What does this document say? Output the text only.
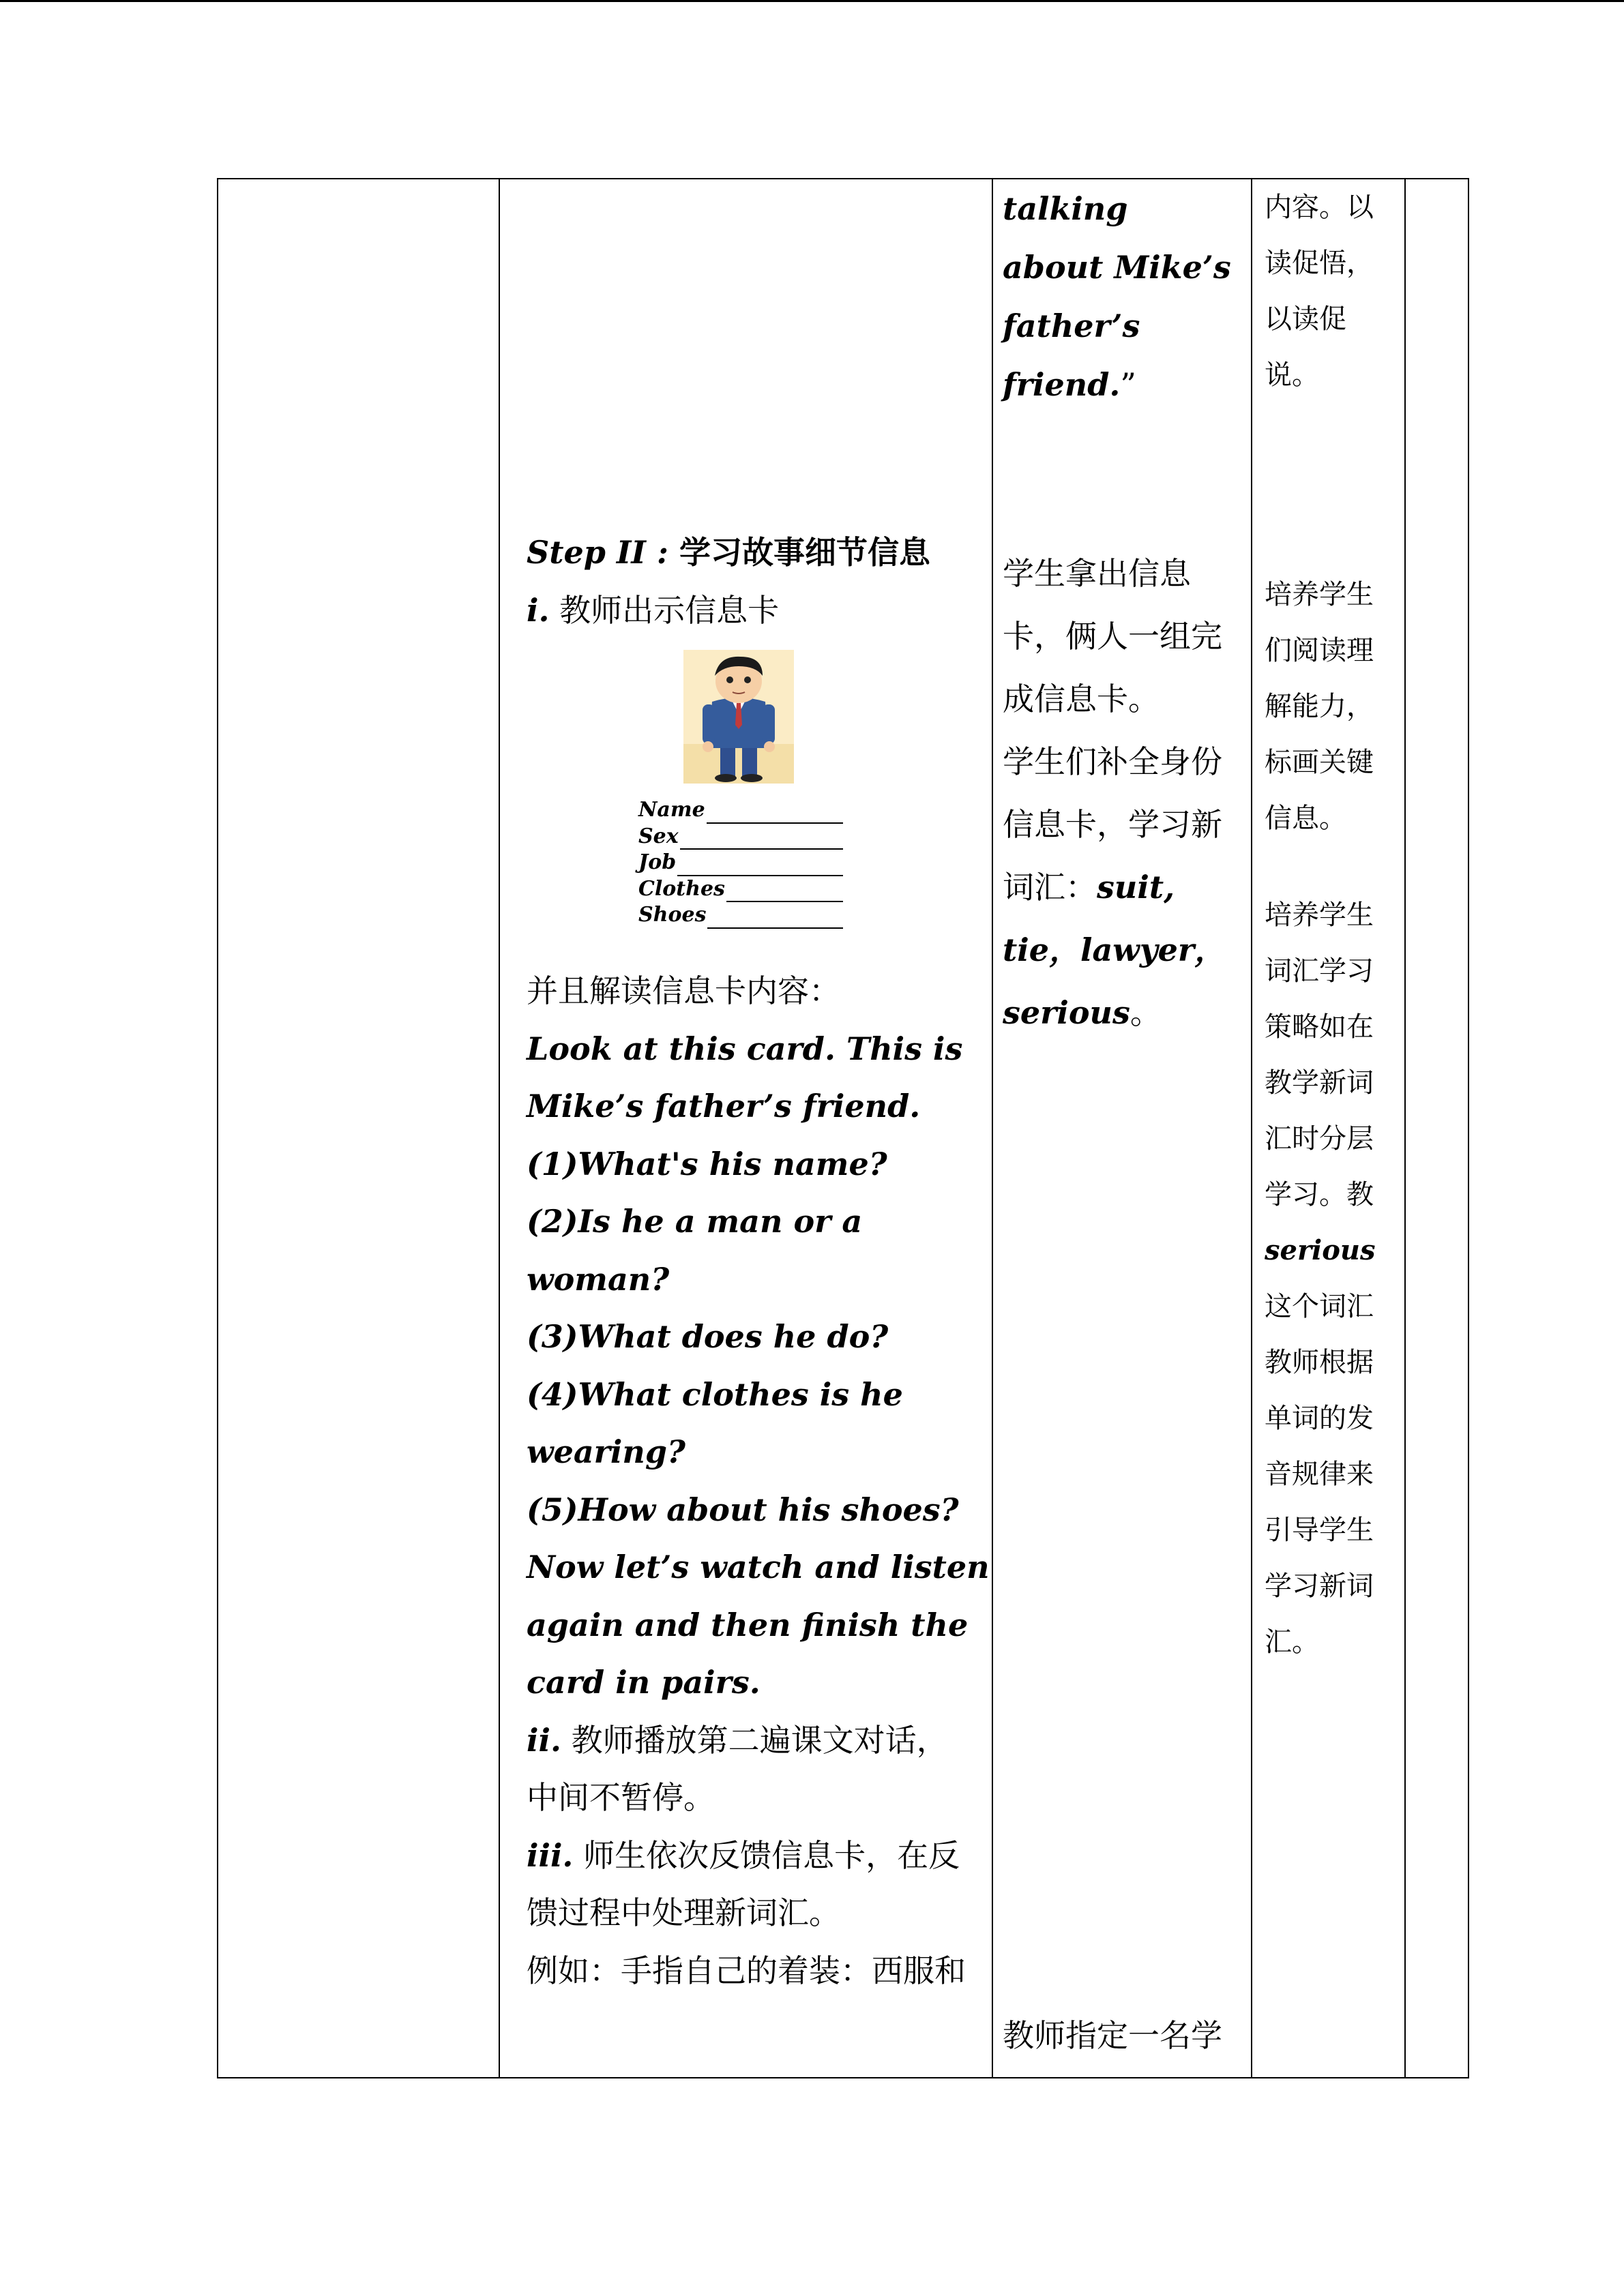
Step II : 学习故事细节信息

i. 教师出示信息卡

Name
Sex
Job
Clothes
Shoes

并且解读信息卡内容：

Look at this card. This is

Mike’s father’s friend.

(1)What's his name?

(2)Is he a man or a

woman?

(3)What does he do?

(4)What clothes is he

wearing?

(5)How about his shoes?

Now let’s watch and listen

again and then finish the

card in pairs.

ii. 教师播放第二遍课文对话，

中间不暂停。

iii. 师生依次反馈信息卡，在反

馈过程中处理新词汇。

例如：手指自己的着装：西服和

talking

about Mike’s

father’s

friend.”

学生拿出信息

卡，俩人一组完

成信息卡。

学生们补全身份

信息卡，学习新

词汇：suit,

tie，lawyer，

serious。

教师指定一名学

内容。以

读促悟，

以读促

说。

培养学生

们阅读理

解能力，

标画关键

信息。

培养学生

词汇学习

策略如在

教学新词

汇时分层

学习。教

serious

这个词汇

教师根据

单词的发

音规律来

引导学生

学习新词

汇。
